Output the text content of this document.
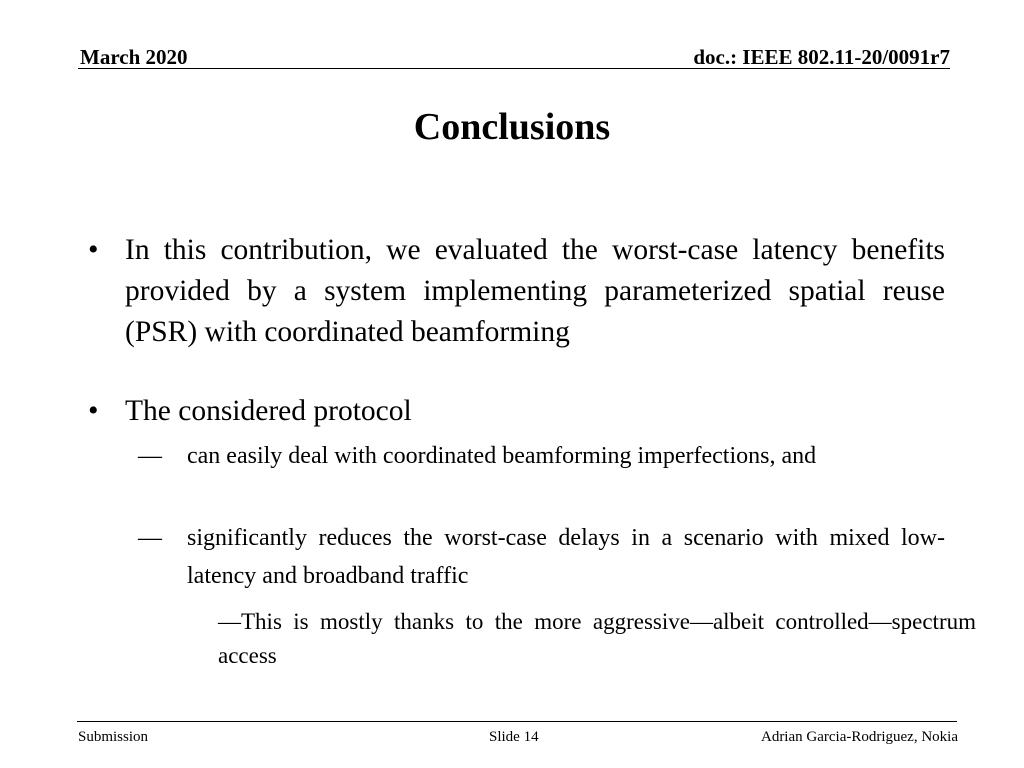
March 2020	doc.: IEEE 802.11-20/0091r7
Conclusions
• In this contribution, we evaluated the worst-case latency benefits provided by a system implementing parameterized spatial reuse (PSR) with coordinated beamforming
• The considered protocol
— can easily deal with coordinated beamforming imperfections, and
— significantly reduces the worst-case delays in a scenario with mixed low-latency and broadband traffic
—This is mostly thanks to the more aggressive—albeit controlled—spectrum access
Submission	Slide 14	Adrian Garcia-Rodriguez, Nokia
